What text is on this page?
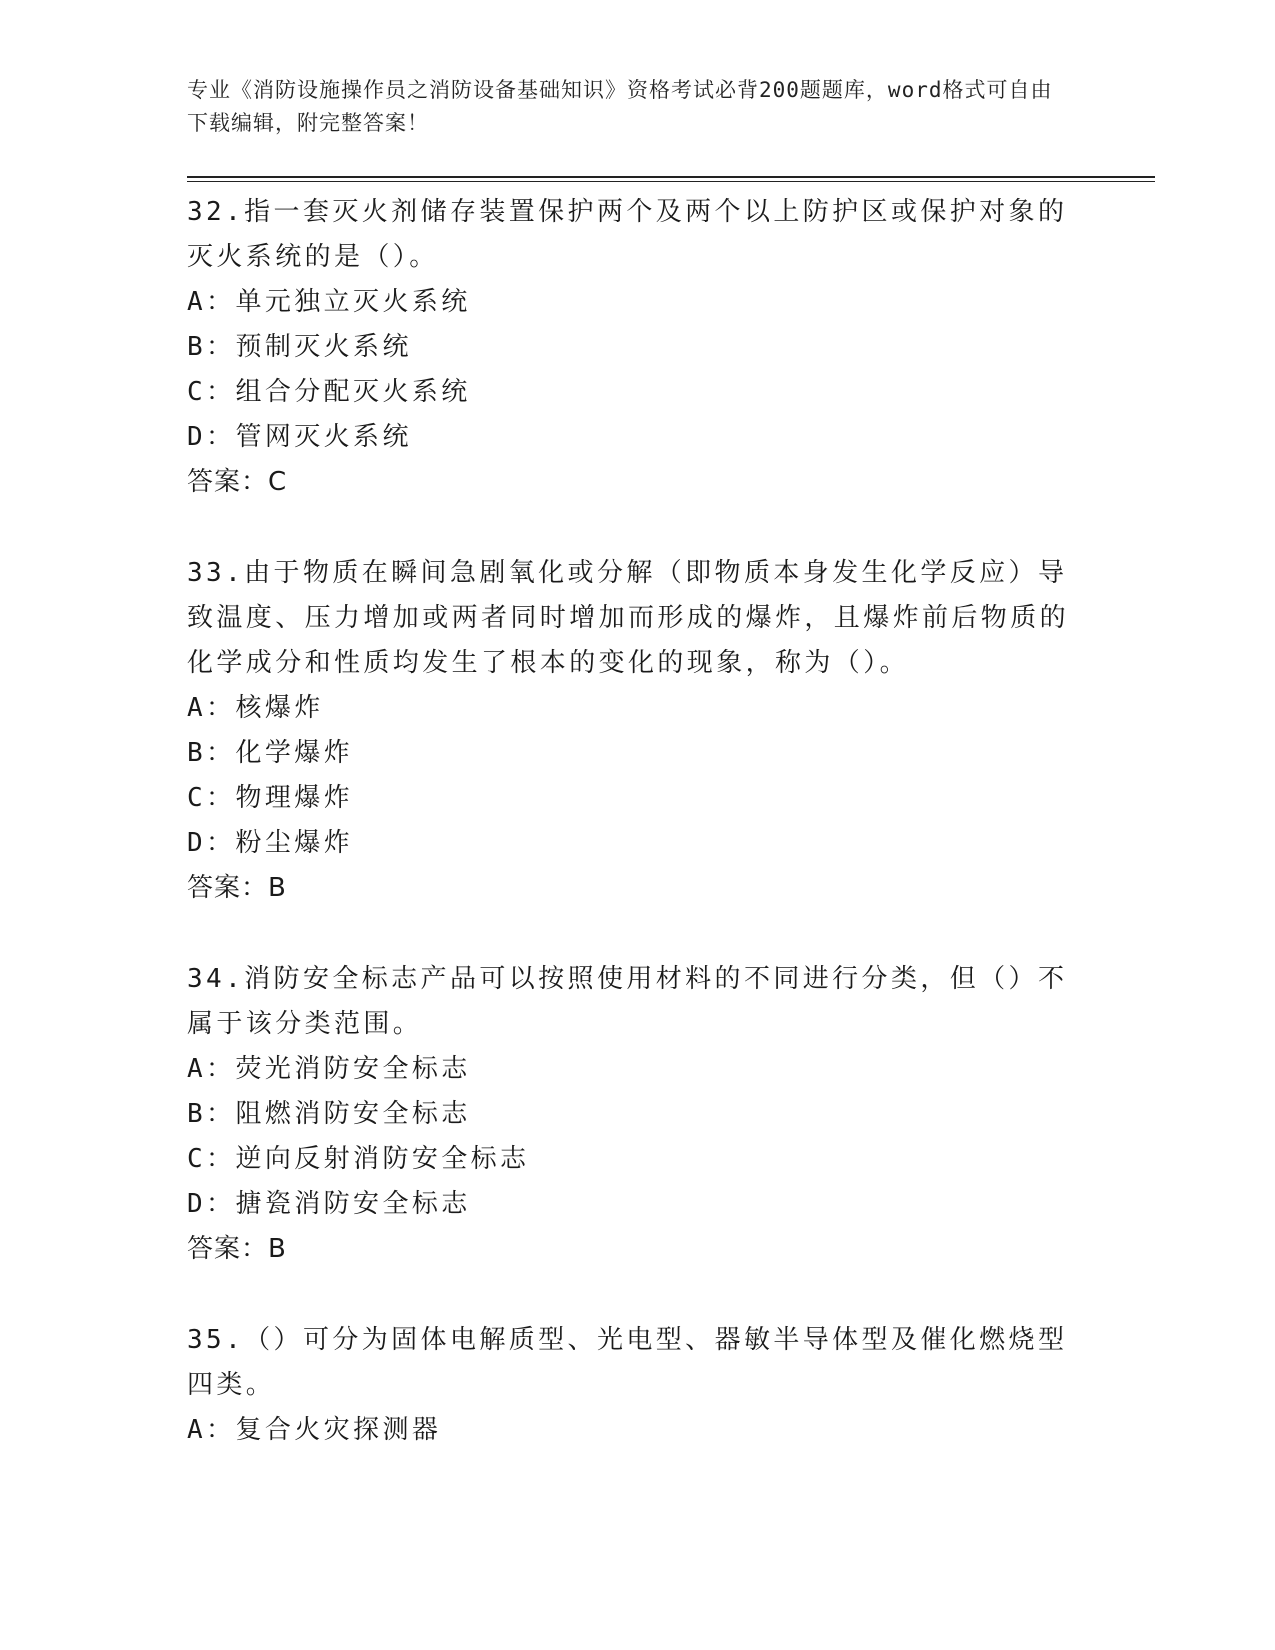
专业《消防设施操作员之消防设备基础知识》资格考试必背200题题库，word格式可自由下载编辑，附完整答案！

32.指一套灭火剂储存装置保护两个及两个以上防护区或保护对象的灭火系统的是（）。

A：单元独立灭火系统

B：预制灭火系统

C：组合分配灭火系统

D：管网灭火系统

答案：C

33.由于物质在瞬间急剧氧化或分解（即物质本身发生化学反应）导致温度、压力增加或两者同时增加而形成的爆炸，且爆炸前后物质的化学成分和性质均发生了根本的变化的现象，称为（）。

A：核爆炸

B：化学爆炸

C：物理爆炸

D：粉尘爆炸

答案：B

34.消防安全标志产品可以按照使用材料的不同进行分类，但（）不属于该分类范围。

A：荧光消防安全标志

B：阻燃消防安全标志

C：逆向反射消防安全标志

D：搪瓷消防安全标志

答案：B

35.（）可分为固体电解质型、光电型、器敏半导体型及催化燃烧型四类。

A：复合火灾探测器
